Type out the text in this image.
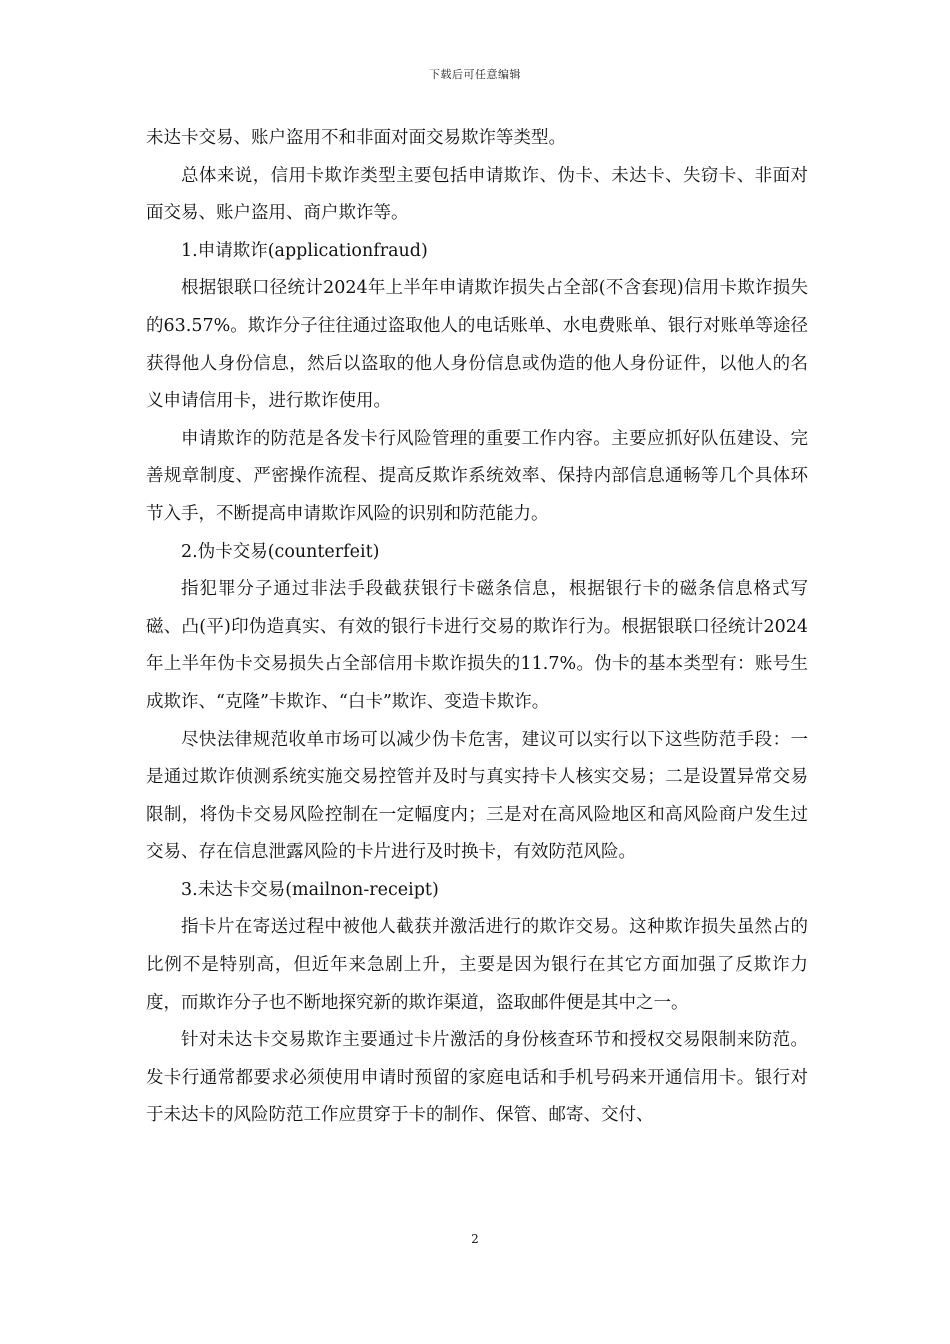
下载后可任意编辑

未达卡交易、账户盗用不和非面对面交易欺诈等类型。

总体来说，信用卡欺诈类型主要包括申请欺诈、伪卡、未达卡、失窃卡、非面对面交易、账户盗用、商户欺诈等。

1.申请欺诈(applicationfraud)

根据银联口径统计2024年上半年申请欺诈损失占全部(不含套现)信用卡欺诈损失的63.57%。欺诈分子往往通过盗取他人的电话账单、水电费账单、银行对账单等途径获得他人身份信息，然后以盗取的他人身份信息或伪造的他人身份证件，以他人的名义申请信用卡，进行欺诈使用。

申请欺诈的防范是各发卡行风险管理的重要工作内容。主要应抓好队伍建设、完善规章制度、严密操作流程、提高反欺诈系统效率、保持内部信息通畅等几个具体环节入手，不断提高申请欺诈风险的识别和防范能力。

2.伪卡交易(counterfeit)

指犯罪分子通过非法手段截获银行卡磁条信息，根据银行卡的磁条信息格式写磁、凸(平)印伪造真实、有效的银行卡进行交易的欺诈行为。根据银联口径统计2024年上半年伪卡交易损失占全部信用卡欺诈损失的11.7%。伪卡的基本类型有：账号生成欺诈、“克隆”卡欺诈、“白卡”欺诈、变造卡欺诈。

尽快法律规范收单市场可以减少伪卡危害，建议可以实行以下这些防范手段：一是通过欺诈侦测系统实施交易控管并及时与真实持卡人核实交易；二是设置异常交易限制，将伪卡交易风险控制在一定幅度内；三是对在高风险地区和高风险商户发生过交易、存在信息泄露风险的卡片进行及时换卡，有效防范风险。

3.未达卡交易(mailnon-receipt)

指卡片在寄送过程中被他人截获并激活进行的欺诈交易。这种欺诈损失虽然占的比例不是特别高，但近年来急剧上升，主要是因为银行在其它方面加强了反欺诈力度，而欺诈分子也不断地探究新的欺诈渠道，盗取邮件便是其中之一。

针对未达卡交易欺诈主要通过卡片激活的身份核查环节和授权交易限制来防范。发卡行通常都要求必须使用申请时预留的家庭电话和手机号码来开通信用卡。银行对于未达卡的风险防范工作应贯穿于卡的制作、保管、邮寄、交付、

2
